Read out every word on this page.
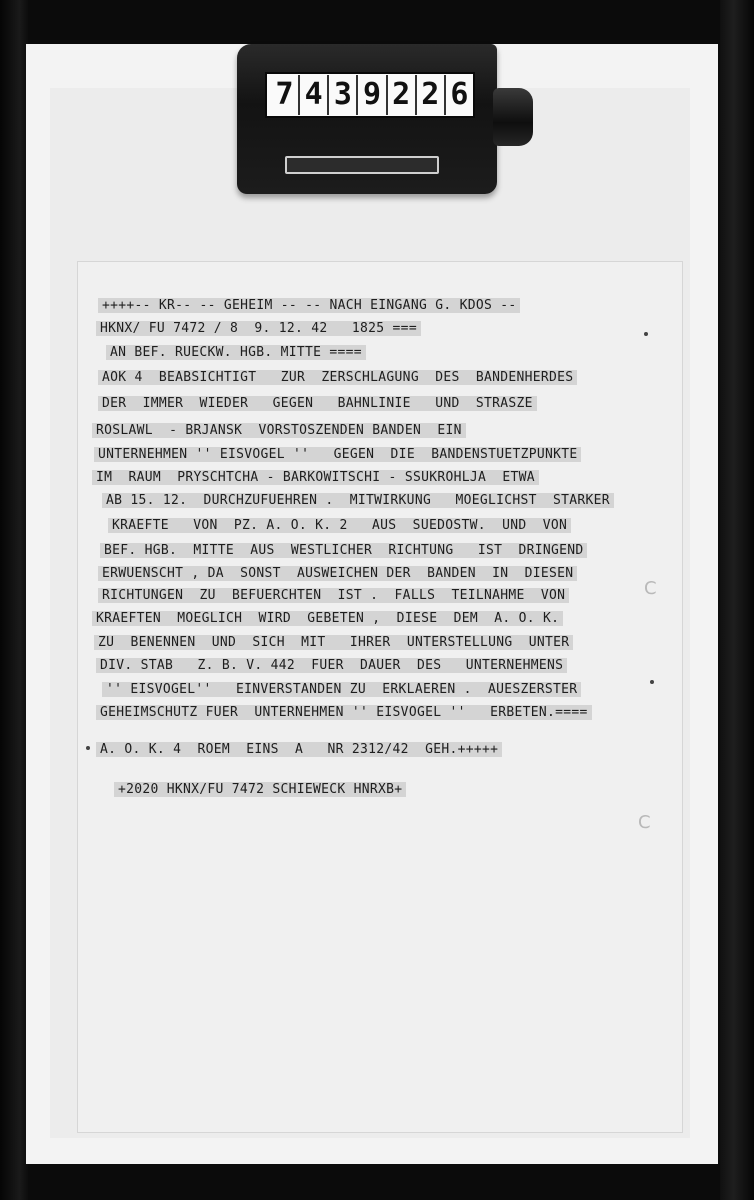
7 4 3 9 2 2 6
++++-- KR-- -- GEHEIM -- -- NACH EINGANG G. KDOS --
HKNX/ FU 7472 / 8  9. 12. 42   1825 ===
AN BEF. RUECKW. HGB. MITTE ====
AOK 4  BEABSICHTIGT   ZUR  ZERSCHLAGUNG  DES  BANDENHERDES
DER  IMMER  WIEDER   GEGEN   BAHNLINIE   UND  STRASZE
ROSLAWL  - BRJANSK  VORSTOSZENDEN BANDEN  EIN
UNTERNEHMEN '' EISVOGEL ''   GEGEN  DIE  BANDENSTUETZPUNKTE
IM  RAUM  PRYSCHTCHA - BARKOWITSCHI - SSUKROHLJA  ETWA
AB 15. 12.  DURCHZUFUEHREN .  MITWIRKUNG   MOEGLICHST  STARKER
KRAEFTE   VON  PZ. A. O. K. 2   AUS  SUEDOSTW.  UND  VON
BEF. HGB.  MITTE  AUS  WESTLICHER  RICHTUNG   IST  DRINGEND
ERWUENSCHT , DA  SONST  AUSWEICHEN DER  BANDEN  IN  DIESEN
RICHTUNGEN  ZU  BEFUERCHTEN  IST .  FALLS  TEILNAHME  VON
KRAEFTEN  MOEGLICH  WIRD  GEBETEN ,  DIESE  DEM  A. O. K.
ZU  BENENNEN  UND  SICH  MIT   IHRER  UNTERSTELLUNG  UNTER
DIV. STAB   Z. B. V. 442  FUER  DAUER  DES   UNTERNEHMENS
'' EISVOGEL''   EINVERSTANDEN ZU  ERKLAEREN .  AUESZERSTER
GEHEIMSCHUTZ FUER  UNTERNEHMEN '' EISVOGEL ''   ERBETEN.====
A. O. K. 4  ROEM  EINS  A   NR 2312/42  GEH.+++++
+2020 HKNX/FU 7472 SCHIEWECK HNRXB+
C
C
